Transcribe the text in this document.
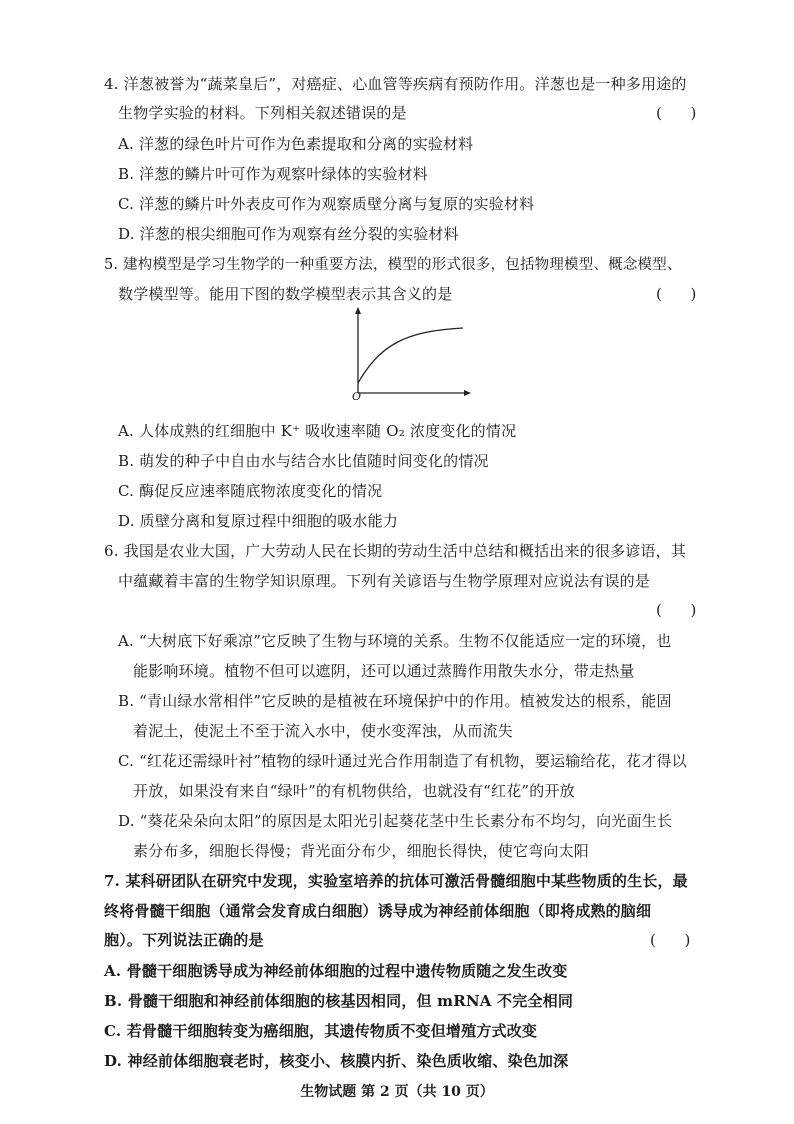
4. 洋葱被誉为“蔬菜皇后”，对癌症、心血管等疾病有预防作用。洋葱也是一种多用途的
生物学实验的材料。下列相关叙述错误的是	(      )
A. 洋葱的绿色叶片可作为色素提取和分离的实验材料
B. 洋葱的鳞片叶可作为观察叶绿体的实验材料
C. 洋葱的鳞片叶外表皮可作为观察质壁分离与复原的实验材料
D. 洋葱的根尖细胞可作为观察有丝分裂的实验材料
5. 建构模型是学习生物学的一种重要方法，模型的形式很多，包括物理模型、概念模型、
数学模型等。能用下图的数学模型表示其含义的是	(      )
O
A. 人体成熟的红细胞中 K⁺ 吸收速率随 O₂ 浓度变化的情况
B. 萌发的种子中自由水与结合水比值随时间变化的情况
C. 酶促反应速率随底物浓度变化的情况
D. 质壁分离和复原过程中细胞的吸水能力
6. 我国是农业大国，广大劳动人民在长期的劳动生活中总结和概括出来的很多谚语，其
中蕴藏着丰富的生物学知识原理。下列有关谚语与生物学原理对应说法有误的是
(      )
A. “大树底下好乘凉”它反映了生物与环境的关系。生物不仅能适应一定的环境，也
能影响环境。植物不但可以遮阴，还可以通过蒸腾作用散失水分，带走热量
B. “青山绿水常相伴”它反映的是植被在环境保护中的作用。植被发达的根系，能固
着泥土，使泥土不至于流入水中，使水变浑浊，从而流失
C. “红花还需绿叶衬”植物的绿叶通过光合作用制造了有机物，要运输给花，花才得以
开放，如果没有来自“绿叶”的有机物供给，也就没有“红花”的开放
D. “葵花朵朵向太阳”的原因是太阳光引起葵花茎中生长素分布不均匀，向光面生长
素分布多，细胞长得慢；背光面分布少，细胞长得快，使它弯向太阳
7. 某科研团队在研究中发现，实验室培养的抗体可激活骨髓细胞中某些物质的生长，最
终将骨髓干细胞（通常会发育成白细胞）诱导成为神经前体细胞（即将成熟的脑细
胞）。下列说法正确的是	(      )
A. 骨髓干细胞诱导成为神经前体细胞的过程中遗传物质随之发生改变
B. 骨髓干细胞和神经前体细胞的核基因相同，但 mRNA 不完全相同
C. 若骨髓干细胞转变为癌细胞，其遗传物质不变但增殖方式改变
D. 神经前体细胞衰老时，核变小、核膜内折、染色质收缩、染色加深
生物试题 第 2 页（共 10 页）
